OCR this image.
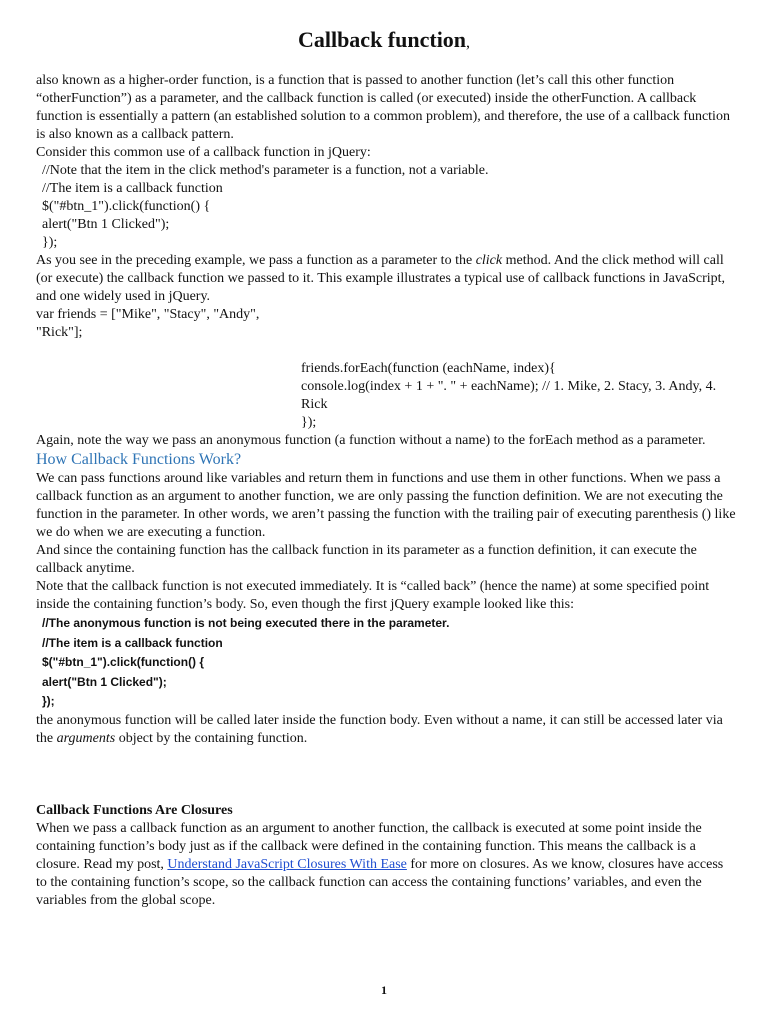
Callback function,

also known as a higher-order function, is a function that is passed to another function (let’s call this other function “otherFunction”) as a parameter, and the callback function is called (or executed) inside the otherFunction. A callback function is essentially a pattern (an established solution to a common problem), and therefore, the use of a callback function is also known as a callback pattern.

Consider this common use of a callback function in jQuery:

//Note that the item in the click method's parameter is a function, not a variable.
//The item is a callback function
$("#btn_1").click(function() {
alert("Btn 1 Clicked");
});

As you see in the preceding example, we pass a function as a parameter to the click method. And the click method will call (or execute) the callback function we passed to it. This example illustrates a typical use of callback functions in JavaScript, and one widely used in jQuery.

var friends = ["Mike", "Stacy", "Andy",
"Rick"];
friends.forEach(function (eachName, index){
console.log(index + 1 + ". " + eachName); // 1. Mike, 2. Stacy, 3. Andy, 4. Rick
});

Again, note the way we pass an anonymous function (a function without a name) to the forEach method as a parameter.

How Callback Functions Work?

We can pass functions around like variables and return them in functions and use them in other functions. When we pass a callback function as an argument to another function, we are only passing the function definition. We are not executing the function in the parameter. In other words, we aren’t passing the function with the trailing pair of executing parenthesis () like we do when we are executing a function.

And since the containing function has the callback function in its parameter as a function definition, it can execute the callback anytime.

Note that the callback function is not executed immediately. It is “called back” (hence the name) at some specified point inside the containing function’s body. So, even though the first jQuery example looked like this:

//The anonymous function is not being executed there in the parameter.
//The item is a callback function
$("#btn_1").click(function() {
alert("Btn 1 Clicked");
});

the anonymous function will be called later inside the function body. Even without a name, it can still be accessed later via the arguments object by the containing function.

Callback Functions Are Closures

When we pass a callback function as an argument to another function, the callback is executed at some point inside the containing function’s body just as if the callback were defined in the containing function. This means the callback is a closure. Read my post, Understand JavaScript Closures With Ease for more on closures. As we know, closures have access to the containing function’s scope, so the callback function can access the containing functions’ variables, and even the variables from the global scope.

1
